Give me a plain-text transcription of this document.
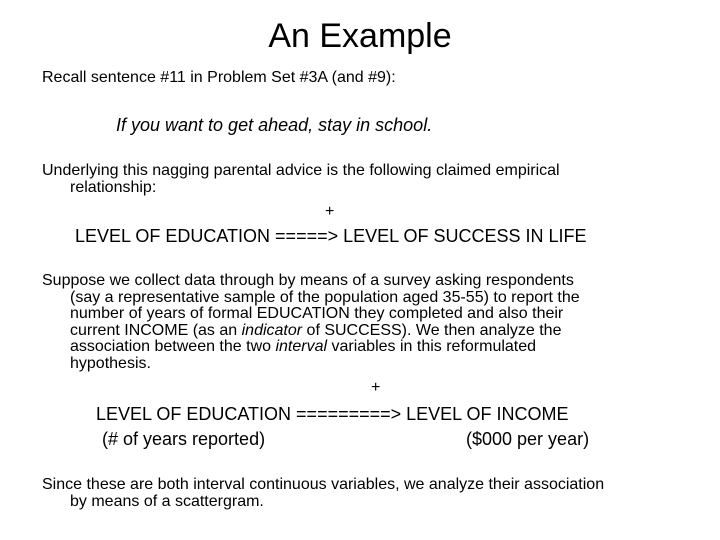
An Example
Recall sentence #11 in Problem Set #3A (and #9):
If you want to get ahead, stay in school.
Underlying this nagging parental advice is the following claimed empirical
relationship:
+
LEVEL OF EDUCATION =====> LEVEL OF SUCCESS IN LIFE
Suppose we collect data through by means of a survey asking respondents
(say a representative sample of the population aged 35-55) to report the
number of years of formal EDUCATION they completed and also their
current INCOME (as an indicator of SUCCESS). We then analyze the
association between the two interval variables in this reformulated
hypothesis.
+
LEVEL OF EDUCATION =========> LEVEL OF INCOME
(# of years reported)	($000 per year)
Since these are both interval continuous variables, we analyze their association
by means of a scattergram.
